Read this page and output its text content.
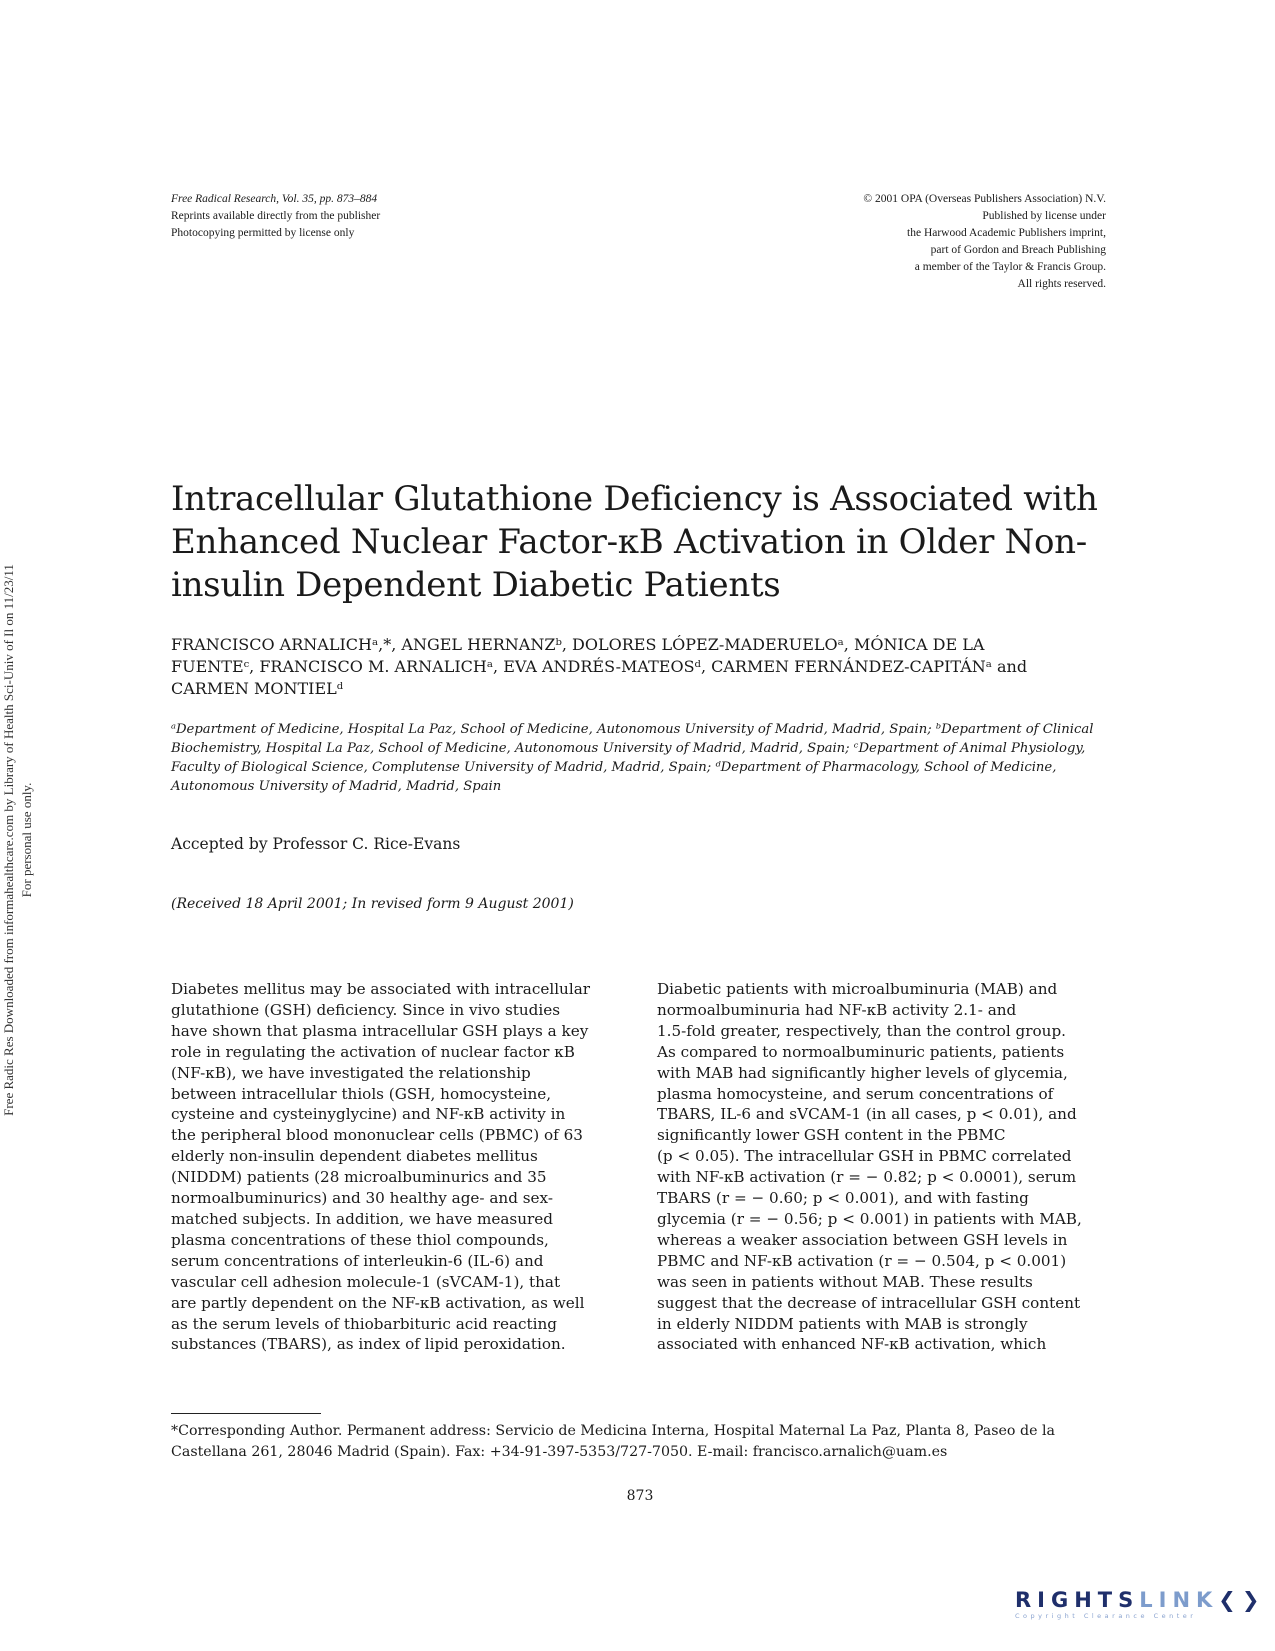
Free Radical Research, Vol. 35, pp. 873–884
Reprints available directly from the publisher
Photocopying permitted by license only
© 2001 OPA (Overseas Publishers Association) N.V.
Published by license under
the Harwood Academic Publishers imprint,
part of Gordon and Breach Publishing
a member of the Taylor & Francis Group.
All rights reserved.
Free Radic Res Downloaded from informahealthcare.com by Library of Health Sci-Univ of Il on 11/23/11 For personal use only.
Intracellular Glutathione Deficiency is Associated with
Enhanced Nuclear Factor-κB Activation in Older Non-
insulin Dependent Diabetic Patients
FRANCISCO ARNALICHᵃ,*, ANGEL HERNANZᵇ, DOLORES LÓPEZ-MADERUELOᵃ, MÓNICA DE LA
FUENTEᶜ, FRANCISCO M. ARNALICHᵃ, EVA ANDRÉS-MATEOSᵈ, CARMEN FERNÁNDEZ-CAPITÁNᵃ and
CARMEN MONTIELᵈ
ᵃDepartment of Medicine, Hospital La Paz, School of Medicine, Autonomous University of Madrid, Madrid, Spain; ᵇDepartment of Clinical
Biochemistry, Hospital La Paz, School of Medicine, Autonomous University of Madrid, Madrid, Spain; ᶜDepartment of Animal Physiology,
Faculty of Biological Science, Complutense University of Madrid, Madrid, Spain; ᵈDepartment of Pharmacology, School of Medicine,
Autonomous University of Madrid, Madrid, Spain
Accepted by Professor C. Rice-Evans
(Received 18 April 2001; In revised form 9 August 2001)
Diabetes mellitus may be associated with intracellular
glutathione (GSH) deficiency. Since in vivo studies
have shown that plasma intracellular GSH plays a key
role in regulating the activation of nuclear factor κB
(NF-κB), we have investigated the relationship
between intracellular thiols (GSH, homocysteine,
cysteine and cysteinyglycine) and NF-κB activity in
the peripheral blood mononuclear cells (PBMC) of 63
elderly non-insulin dependent diabetes mellitus
(NIDDM) patients (28 microalbuminurics and 35
normoalbuminurics) and 30 healthy age- and sex-
matched subjects. In addition, we have measured
plasma concentrations of these thiol compounds,
serum concentrations of interleukin-6 (IL-6) and
vascular cell adhesion molecule-1 (sVCAM-1), that
are partly dependent on the NF-κB activation, as well
as the serum levels of thiobarbituric acid reacting
substances (TBARS), as index of lipid peroxidation.
Diabetic patients with microalbuminuria (MAB) and
normoalbuminuria had NF-κB activity 2.1- and
1.5-fold greater, respectively, than the control group.
As compared to normoalbuminuric patients, patients
with MAB had significantly higher levels of glycemia,
plasma homocysteine, and serum concentrations of
TBARS, IL-6 and sVCAM-1 (in all cases, p < 0.01), and
significantly lower GSH content in the PBMC
(p < 0.05). The intracellular GSH in PBMC correlated
with NF-κB activation (r = − 0.82; p < 0.0001), serum
TBARS (r = − 0.60; p < 0.001), and with fasting
glycemia (r = − 0.56; p < 0.001) in patients with MAB,
whereas a weaker association between GSH levels in
PBMC and NF-κB activation (r = − 0.504, p < 0.001)
was seen in patients without MAB. These results
suggest that the decrease of intracellular GSH content
in elderly NIDDM patients with MAB is strongly
associated with enhanced NF-κB activation, which
*Corresponding Author. Permanent address: Servicio de Medicina Interna, Hospital Maternal La Paz, Planta 8, Paseo de la
Castellana 261, 28046 Madrid (Spain). Fax: +34-91-397-5353/727-7050. E-mail: francisco.arnalich@uam.es
873
RIGHTSLINK❮❯
Copyright Clearance Center
